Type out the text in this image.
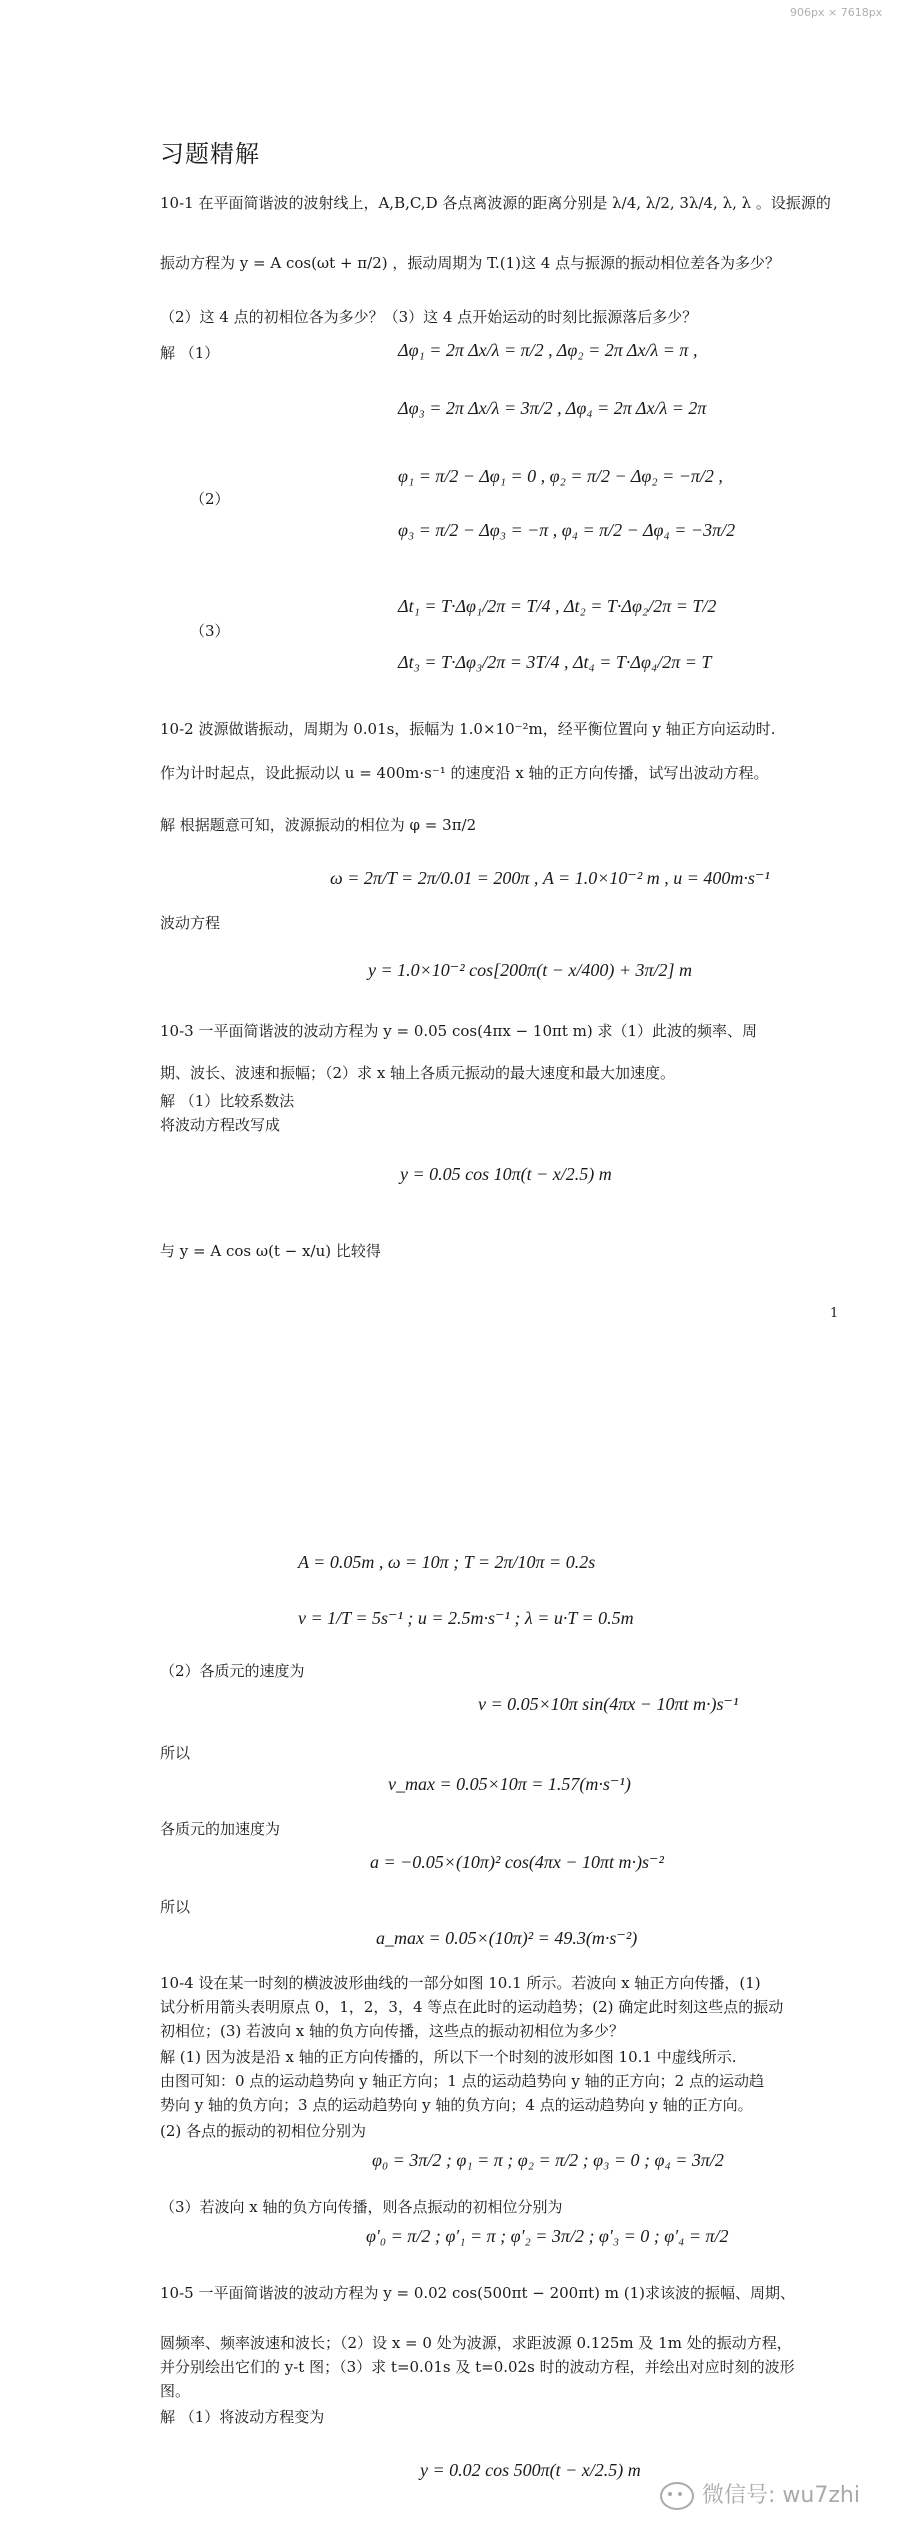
906px × 7618px
习题精解
10-1 在平面简谐波的波射线上，A,B,C,D 各点离波源的距离分别是 λ/4, λ/2, 3λ/4, λ, λ 。设振源的
振动方程为 y = A cos(ωt + π/2) ，振动周期为 T.(1)这 4 点与振源的振动相位差各为多少？
（2）这 4 点的初相位各为多少？（3）这 4 点开始运动的时刻比振源落后多少？
解 （1）	Δφ₁ = 2π Δx/λ = π/2 , Δφ₂ = 2π Δx/λ = π ,
Δφ₃ = 2π Δx/λ = 3π/2 , Δφ₄ = 2π Δx/λ = 2π
（2）
φ₁ = π/2 − Δφ₁ = 0 , φ₂ = π/2 − Δφ₂ = −π/2 ,
φ₃ = π/2 − Δφ₃ = −π , φ₄ = π/2 − Δφ₄ = −3π/2
（3）
Δt₁ = T·Δφ₁/2π = T/4 , Δt₂ = T·Δφ₂/2π = T/2
Δt₃ = T·Δφ₃/2π = 3T/4 , Δt₄ = T·Δφ₄/2π = T
10-2 波源做谐振动，周期为 0.01s，振幅为 1.0×10⁻²m，经平衡位置向 y 轴正方向运动时.
作为计时起点，设此振动以 u = 400m·s⁻¹ 的速度沿 x 轴的正方向传播，试写出波动方程。
解 根据题意可知，波源振动的相位为 φ = 3π/2
ω = 2π/T = 2π/0.01 = 200π , A = 1.0×10⁻² m , u = 400m·s⁻¹
波动方程
y = 1.0×10⁻² cos[200π(t − x/400) + 3π/2] m
10-3 一平面简谐波的波动方程为 y = 0.05 cos(4πx − 10πt m) 求（1）此波的频率、周
期、波长、波速和振幅；（2）求 x 轴上各质元振动的最大速度和最大加速度。
解 （1）比较系数法
将波动方程改写成
y = 0.05 cos 10π(t − x/2.5) m
与 y = A cos ω(t − x/u) 比较得
1
A = 0.05m , ω = 10π ; T = 2π/10π = 0.2s
ν = 1/T = 5s⁻¹ ; u = 2.5m·s⁻¹ ; λ = u·T = 0.5m
（2）各质元的速度为
v = 0.05×10π sin(4πx − 10πt m·)s⁻¹
所以
v_max = 0.05×10π = 1.57(m·s⁻¹)
各质元的加速度为
a = −0.05×(10π)² cos(4πx − 10πt m·)s⁻²
所以
a_max = 0.05×(10π)² = 49.3(m·s⁻²)
10-4 设在某一时刻的横波波形曲线的一部分如图 10.1 所示。若波向 x 轴正方向传播，(1)
试分析用箭头表明原点 0，1，2，3，4 等点在此时的运动趋势；(2) 确定此时刻这些点的振动
初相位；(3) 若波向 x 轴的负方向传播，这些点的振动初相位为多少？
解 (1) 因为波是沿 x 轴的正方向传播的，所以下一个时刻的波形如图 10.1 中虚线所示.
由图可知：0 点的运动趋势向 y 轴正方向；1 点的运动趋势向 y 轴的正方向；2 点的运动趋
势向 y 轴的负方向；3 点的运动趋势向 y 轴的负方向；4 点的运动趋势向 y 轴的正方向。
(2) 各点的振动的初相位分别为
φ₀ = 3π/2 ; φ₁ = π ; φ₂ = π/2 ; φ₃ = 0 ; φ₄ = 3π/2
（3）若波向 x 轴的负方向传播，则各点振动的初相位分别为
φ′₀ = π/2 ; φ′₁ = π ; φ′₂ = 3π/2 ; φ′₃ = 0 ; φ′₄ = π/2
10-5 一平面简谐波的波动方程为 y = 0.02 cos(500πt − 200πt) m (1)求该波的振幅、周期、
圆频率、频率波速和波长；（2）设 x = 0 处为波源，求距波源 0.125m 及 1m 处的振动方程，
并分别绘出它们的 y-t 图；（3）求 t=0.01s 及 t=0.02s 时的波动方程，并绘出对应时刻的波形
图。
解 （1）将波动方程变为
y = 0.02 cos 500π(t − x/2.5) m
微信号: wu7zhi
